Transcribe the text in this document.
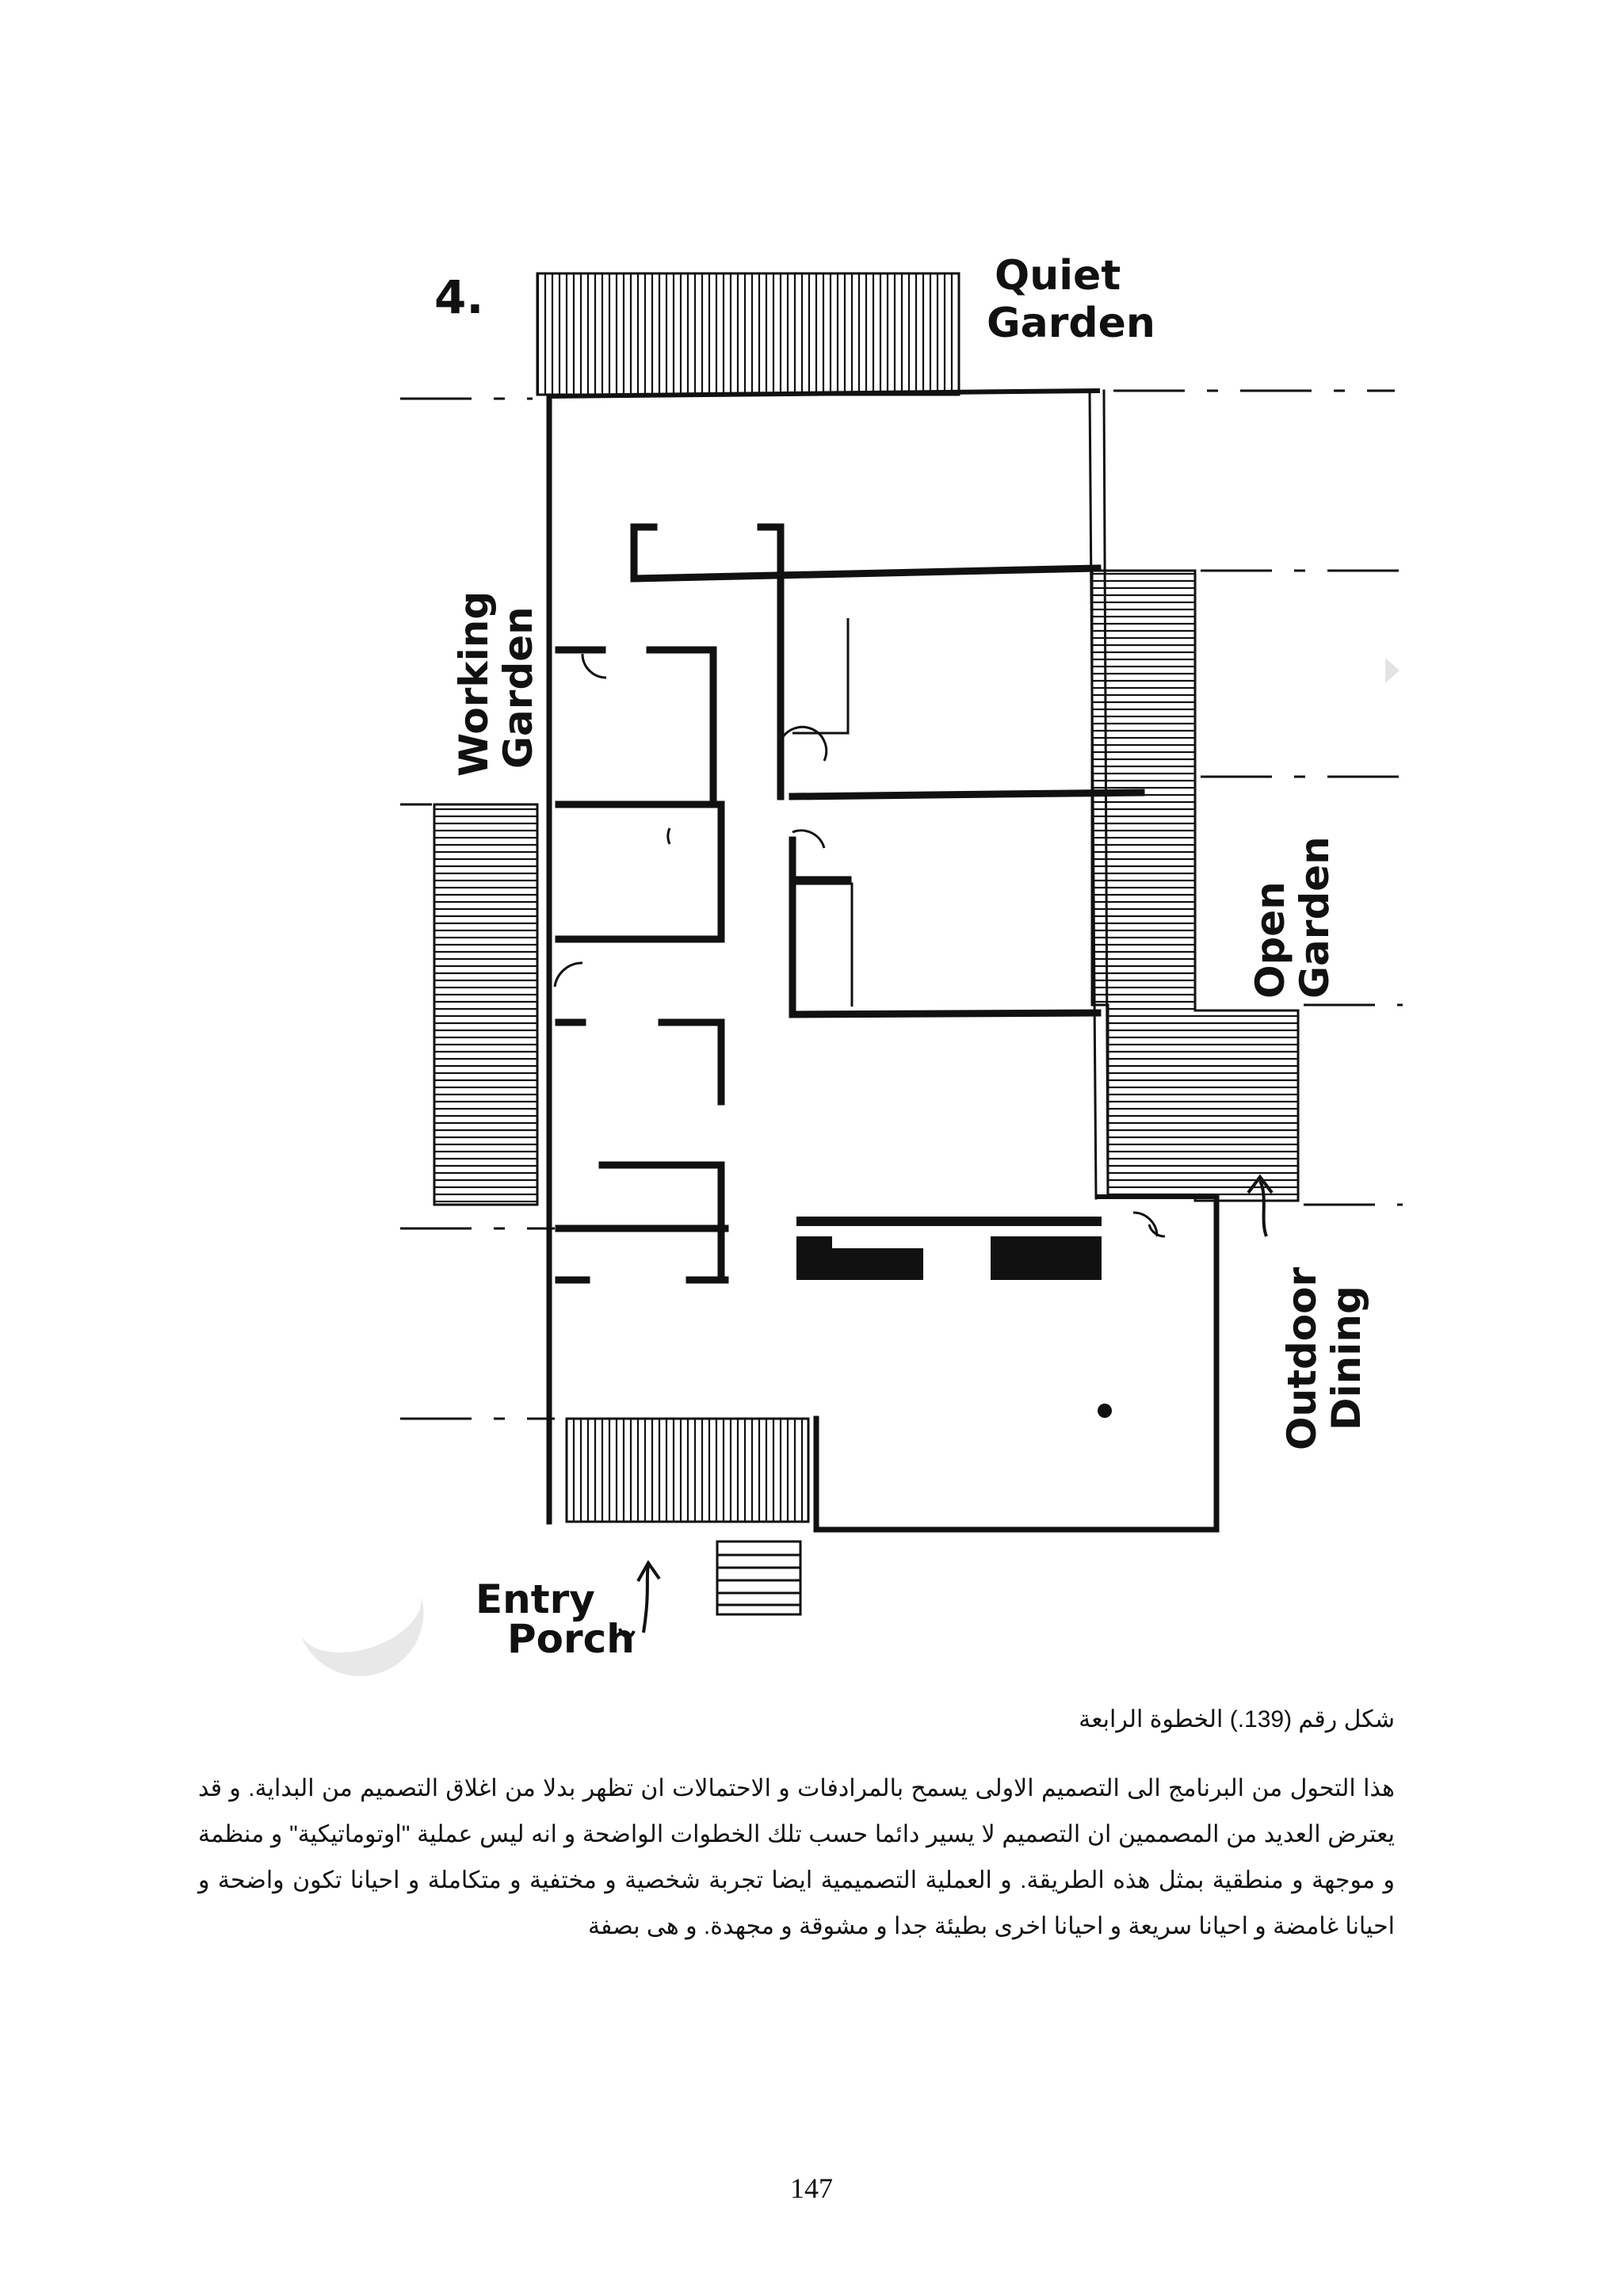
4.	Quiet
Garden
Working
Garden
Open
Garden
Outdoor
Dining
Entry
Porch

شكل رقم (139.) الخطوة الرابعة

هذا التحول من البرنامج الى التصميم الاولى يسمح بالمرادفات و الاحتمالات ان تظهر بدلا من اغلاق التصميم من البداية. و قد يعترض العديد من المصممين ان التصميم لا يسير دائما حسب تلك الخطوات الواضحة و انه ليس عملية "اوتوماتيكية" و منظمة و موجهة و منطقية بمثل هذه الطريقة. و العملية التصميمية ايضا تجربة شخصية و مختفية و متكاملة و احيانا تكون واضحة و احيانا غامضة و احيانا سريعة و احيانا اخرى بطيئة جدا و مشوقة و مجهدة. و هى بصفة

147
